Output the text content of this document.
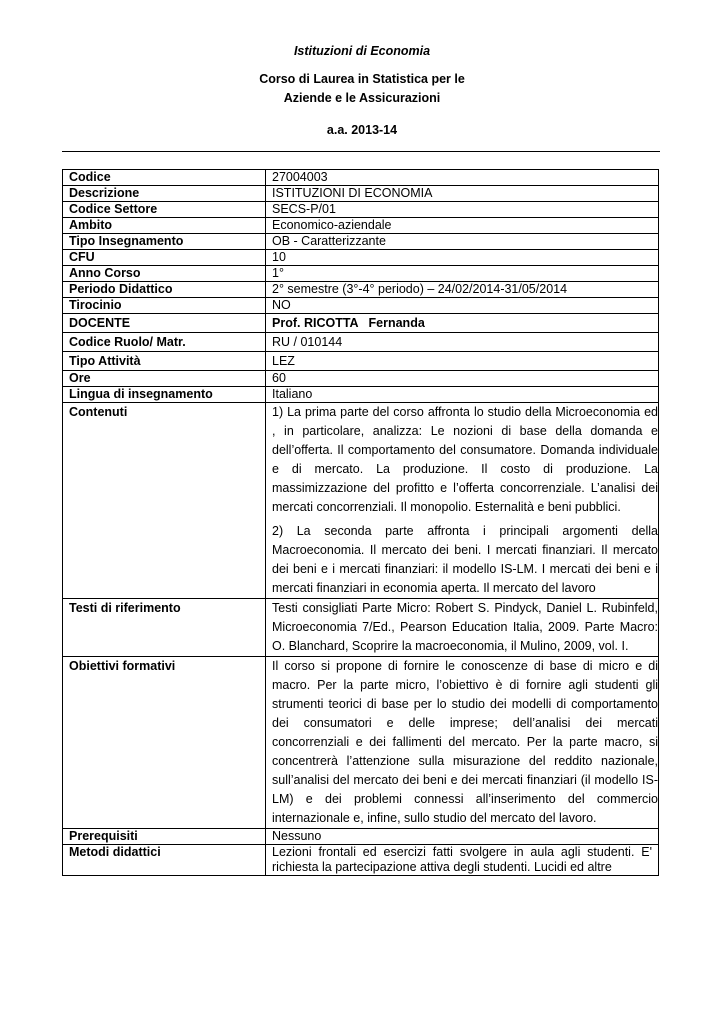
Istituzioni di Economia
Corso di Laurea in Statistica per le
Aziende e le Assicurazioni
a.a. 2013-14
Codice	27004003
Descrizione	ISTITUZIONI DI ECONOMIA
Codice Settore	SECS-P/01
Ambito	Economico-aziendale
Tipo Insegnamento	OB - Caratterizzante
CFU	10
Anno Corso	1°
Periodo Didattico	2° semestre (3°-4° periodo) – 24/02/2014-31/05/2014
Tirocinio	NO
DOCENTE	Prof. RICOTTA   Fernanda
Codice Ruolo/ Matr.	RU / 010144
Tipo Attività	LEZ
Ore	60
Lingua di insegnamento	Italiano
Contenuti	1) La prima parte del corso affronta lo studio della Microeconomia ed , in particolare, analizza: Le nozioni di base della domanda e dell’offerta. Il comportamento del consumatore. Domanda individuale e di mercato. La produzione. Il costo di produzione. La massimizzazione del profitto e l’offerta concorrenziale. L’analisi dei mercati concorrenziali. Il monopolio. Esternalità e beni pubblici.

2) La seconda parte affronta i principali argomenti della Macroeconomia. Il mercato dei beni. I mercati finanziari. Il mercato dei beni e i mercati finanziari: il modello IS-LM. I mercati dei beni e i mercati finanziari in economia aperta. Il mercato del lavoro

Testi di riferimento	Testi consigliati Parte Micro: Robert S. Pindyck, Daniel L. Rubinfeld, Microeconomia 7/Ed., Pearson Education Italia, 2009. Parte Macro: O. Blanchard, Scoprire la macroeconomia, il Mulino, 2009, vol. I.
Obiettivi formativi	Il corso si propone di fornire le conoscenze di base di micro e di macro. Per la parte micro, l’obiettivo è di fornire agli studenti gli strumenti teorici di base per lo studio dei modelli di comportamento dei consumatori e delle imprese; dell’analisi dei mercati concorrenziali e dei fallimenti del mercato. Per la parte macro, si concentrerà l’attenzione sulla misurazione del reddito nazionale, sull’analisi del mercato dei beni e dei mercati finanziari (il modello IS-LM) e dei problemi connessi all’inserimento del commercio internazionale e, infine, sullo studio del mercato del lavoro.
Prerequisiti	Nessuno
Metodi didattici	Lezioni frontali ed esercizi fatti svolgere in aula agli studenti. E' richiesta la partecipazione attiva degli studenti. Lucidi ed altre
